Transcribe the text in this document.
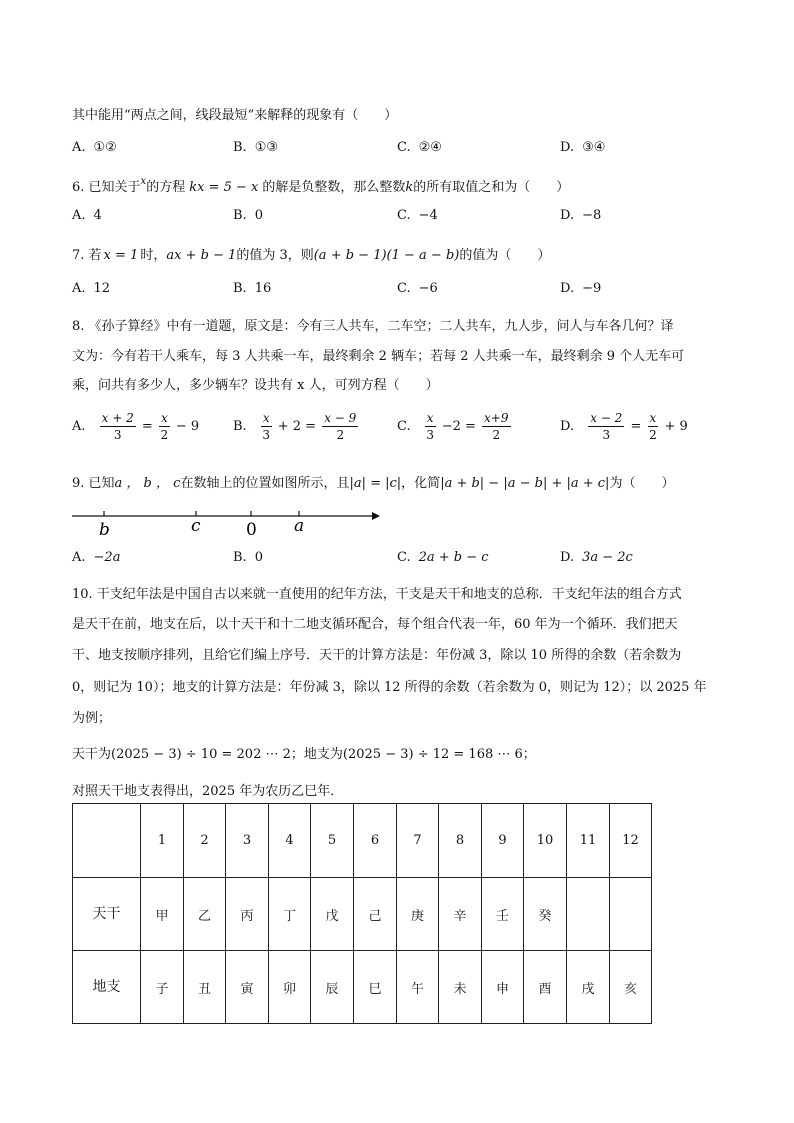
其中能用“两点之间，线段最短”来解释的现象有（　　）
A. ①②	B. ①③	C. ②④	D. ③④
6. 已知关于$^x$的方程 kx = 5 − x 的解是负整数，那么整数k的所有取值之和为（　　）
A. 4	B. 0	C. −4	D. −8
7. 若 x = 1 时，ax + b − 1的值为 3，则(a + b − 1)(1 − a − b)的值为（　　）
A. 12	B. 16	C. −6	D. −9
8. 《孙子算经》中有一道题，原文是：今有三人共车，二车空；二人共车，九人步，问人与车各几何？译
文为：今有若干人乘车，每 3 人共乘一车，最终剩余 2 辆车；若每 2 人共乘一车，最终剩余 9 个人无车可
乘，问共有多少人，多少辆车？设共有 x 人，可列方程（　　）
A. $\frac{x + 2}{3} = \frac{x}{2} - 9$	B. $\frac{x}{3} + 2 = \frac{x - 9}{2}$	C. $\frac{x}{3} -2 = \frac{x+9}{2}$	D. $\frac{x - 2}{3} = \frac{x}{2} + 9$
9. 已知a ， b ， c在数轴上的位置如图所示，且|a| = |c|，化简|a + b| − |a − b| + |a + c|为（　　）
b	c	0 a
A. −2a	B. 0	C. 2a + b − c	D. 3a − 2c
10. 干支纪年法是中国自古以来就一直使用的纪年方法，干支是天干和地支的总称．干支纪年法的组合方式
是天干在前，地支在后，以十天干和十二地支循环配合，每个组合代表一年，60 年为一个循环．我们把天
干、地支按顺序排列，且给它们编上序号．天干的计算方法是：年份减 3，除以 10 所得的余数（若余数为
0，则记为 10）；地支的计算方法是：年份减 3，除以 12 所得的余数（若余数为 0，则记为 12）；以 2025 年
为例；
天干为(2025 − 3) ÷ 10 = 202 ⋯ 2；地支为(2025 − 3) ÷ 12 = 168 ⋯ 6；
对照天干地支表得出，2025 年为农历乙巳年．
	1	2	3	4	5	6	7	8	9	10	11	12
天干	甲	乙	丙	丁	戊	己	庚	辛	壬	癸		
地支	子	丑	寅	卯	辰	巳	午	未	申	酉	戌	亥
